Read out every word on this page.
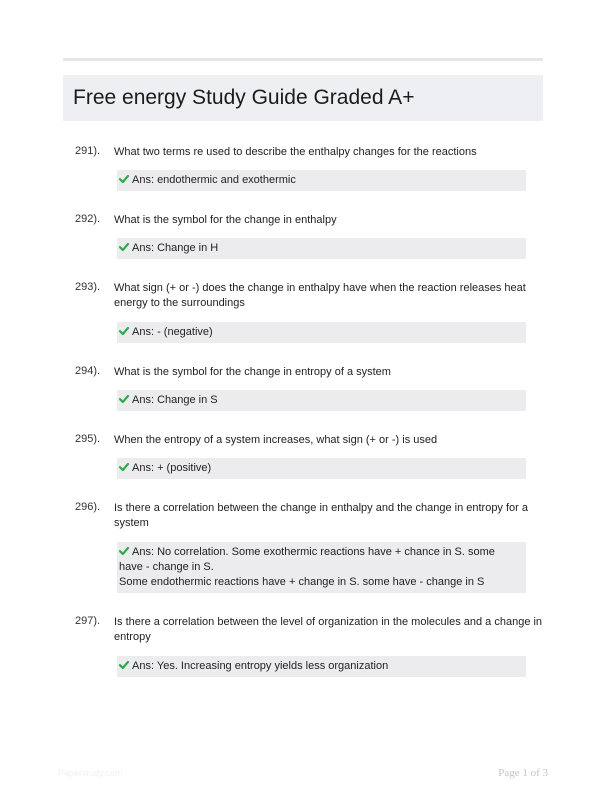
Free energy Study Guide Graded A+
291).	What two terms re used to describe the enthalpy changes for the reactions
Ans: endothermic and exothermic
292).	What is the symbol for the change in enthalpy
Ans: Change in H
293).	What sign (+ or -) does the change in enthalpy have when the reaction releases heat energy to the surroundings
Ans: - (negative)
294).	What is the symbol for the change in entropy of a system
Ans: Change in S
295).	When the entropy of a system increases, what sign (+ or -) is used
Ans: + (positive)
296).	Is there a correlation between the change in enthalpy and the change in entropy for a system
Ans: No correlation. Some exothermic reactions have + chance in S. some have - change in S.
Some endothermic reactions have + change in S. some have - change in S
297).	Is there a correlation between the level of organization in the molecules and a change in entropy
Ans: Yes. Increasing entropy yields less organization
Paperstudy.com	Page 1 of 3
